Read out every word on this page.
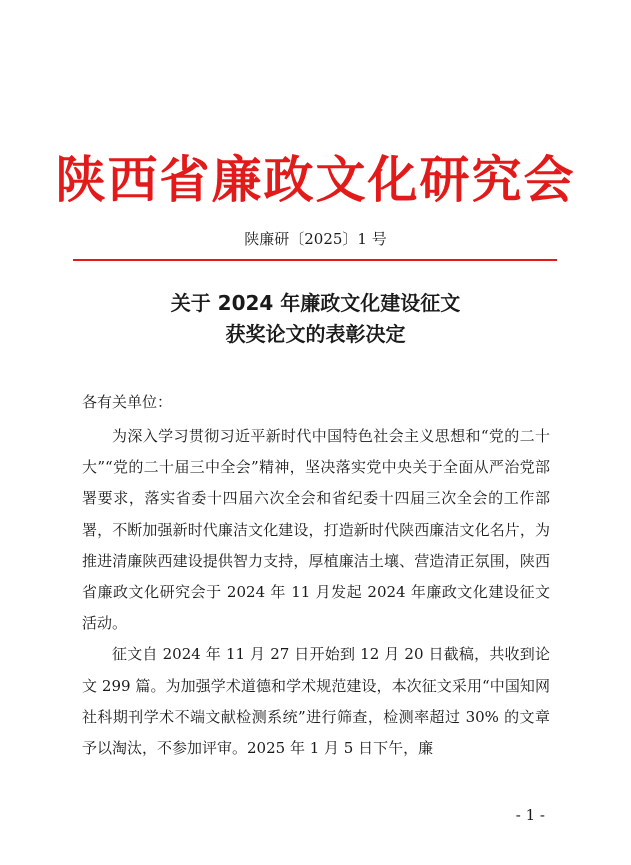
陕西省廉政文化研究会
陕廉研〔2025〕1 号
关于 2024 年廉政文化建设征文
获奖论文的表彰决定
各有关单位：

为深入学习贯彻习近平新时代中国特色社会主义思想和“党的二十大”“党的二十届三中全会”精神，坚决落实党中央关于全面从严治党部署要求，落实省委十四届六次全会和省纪委十四届三次全会的工作部署，不断加强新时代廉洁文化建设，打造新时代陕西廉洁文化名片，为推进清廉陕西建设提供智力支持，厚植廉洁土壤、营造清正氛围，陕西省廉政文化研究会于 2024 年 11 月发起 2024 年廉政文化建设征文活动。

征文自 2024 年 11 月 27 日开始到 12 月 20 日截稿，共收到论文 299 篇。为加强学术道德和学术规范建设，本次征文采用“中国知网社科期刊学术不端文献检测系统”进行筛查，检测率超过 30% 的文章予以淘汰，不参加评审。2025 年 1 月 5 日下午，廉

- 1 -
